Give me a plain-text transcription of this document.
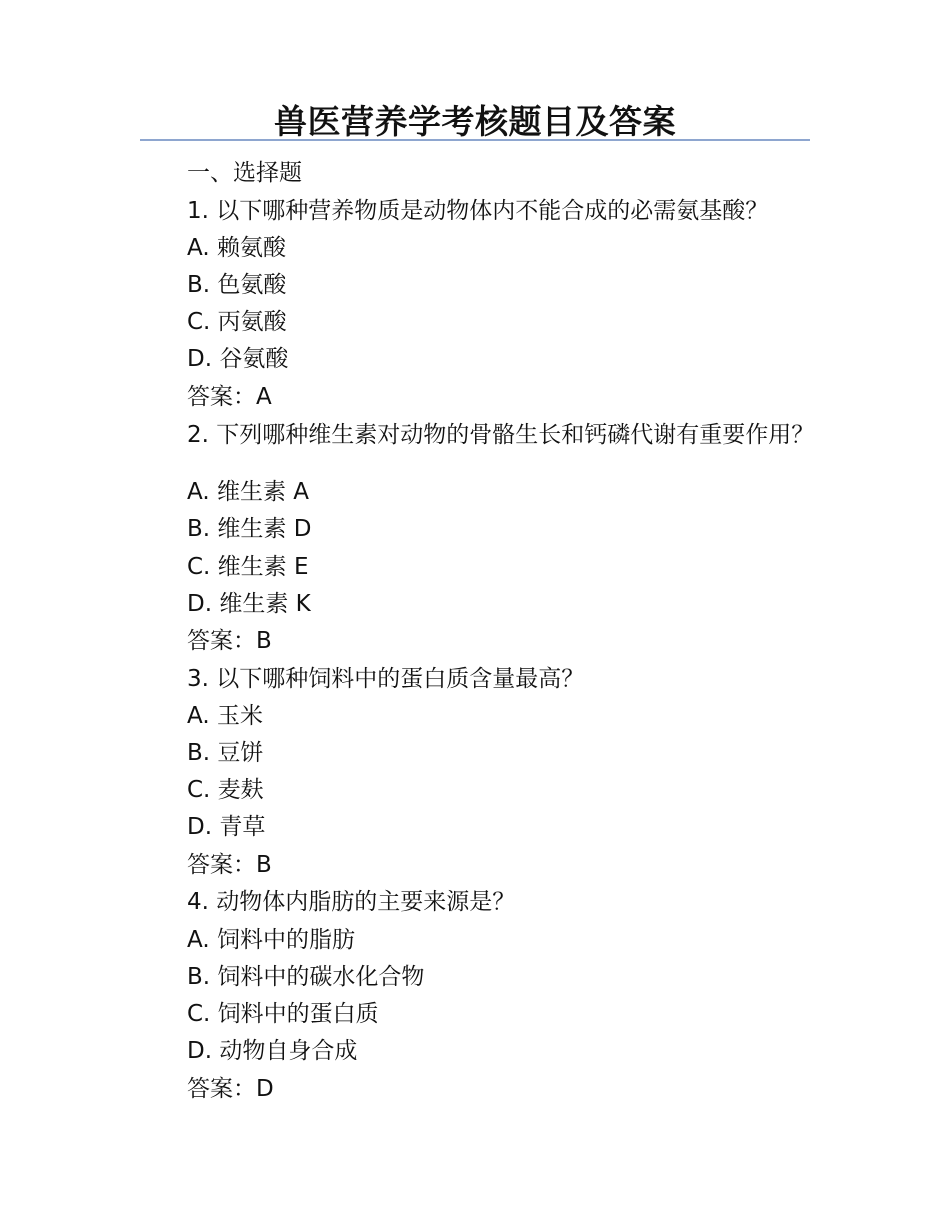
兽医营养学考核题目及答案
一、选择题
1. 以下哪种营养物质是动物体内不能合成的必需氨基酸？
A. 赖氨酸
B. 色氨酸
C. 丙氨酸
D. 谷氨酸
答案：A
2. 下列哪种维生素对动物的骨骼生长和钙磷代谢有重要作用？
A. 维生素 A
B. 维生素 D
C. 维生素 E
D. 维生素 K
答案：B
3. 以下哪种饲料中的蛋白质含量最高？
A. 玉米
B. 豆饼
C. 麦麸
D. 青草
答案：B
4. 动物体内脂肪的主要来源是？
A. 饲料中的脂肪
B. 饲料中的碳水化合物
C. 饲料中的蛋白质
D. 动物自身合成
答案：D
